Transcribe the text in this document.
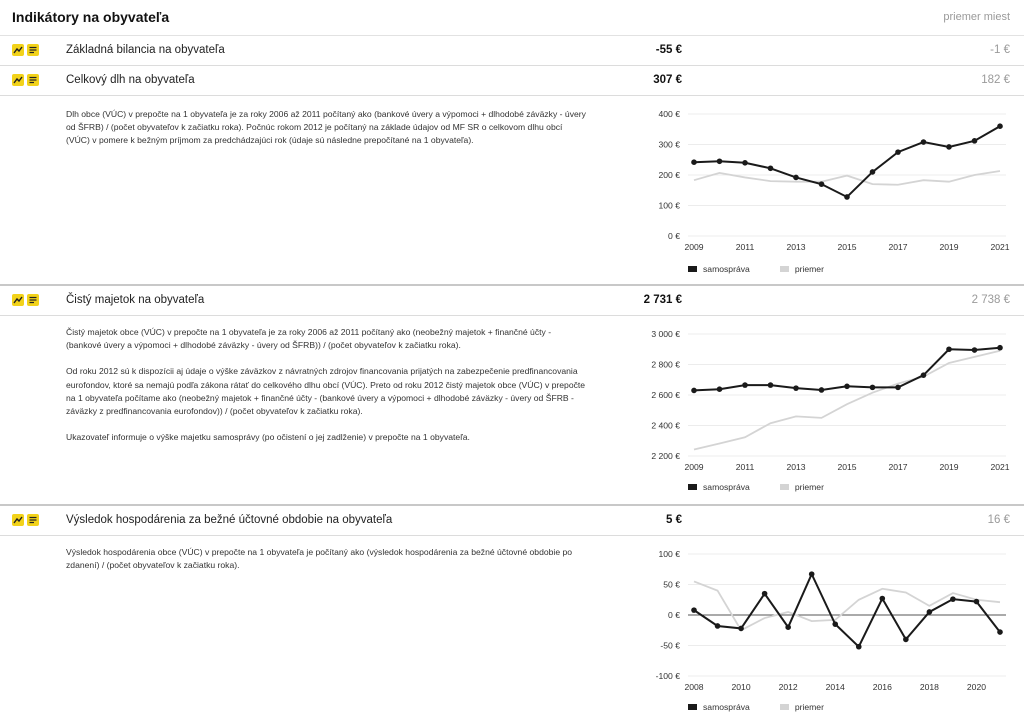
Indikátory na obyvateľa	priemer miest
Základná bilancia na obyvateľa	-55 €	-1 €
Celkový dlh na obyvateľa	307 €	182 €

Dlh obce (VÚC) v prepočte na 1 obyvateľa je za roky 2006 až 2011 počítaný ako (bankové úvery a výpomoci + dlhodobé záväzky - úvery od ŠFRB) / (počet obyvateľov k začiatku roka). Počnúc rokom 2012 je počítaný na základe údajov od MF SR o celkovom dlhu obcí (VÚC) v pomere k bežným príjmom za predchádzajúci rok (údaje sú následne prepočítané na 1 obyvateľa).

0 €
100 €
200 €
300 €
400 €
2009	2011	2013	2015	2017	2019	2021
samospráva	priemer
Čistý majetok na obyvateľa	2 731 €	2 738 €

Čistý majetok obce (VÚC) v prepočte na 1 obyvateľa je za roky 2006 až 2011 počítaný ako (neobežný majetok + finančné účty - (bankové úvery a výpomoci + dlhodobé záväzky - úvery od ŠFRB)) / (počet obyvateľov k začiatku roka).

Od roku 2012 sú k dispozícii aj údaje o výške záväzkov z návratných zdrojov financovania prijatých na zabezpečenie predfinancovania eurofondov, ktoré sa nemajú podľa zákona rátať do celkového dlhu obcí (VÚC). Preto od roku 2012 čistý majetok obce (VÚC) v prepočte na 1 obyvateľa počítame ako (neobežný majetok + finančné účty - (bankové úvery a výpomoci + dlhodobé záväzky - úvery od ŠFRB - záväzky z predfinancovania eurofondov)) / (počet obyvateľov k začiatku roka).

Ukazovateľ informuje o výške majetku samosprávy (po očistení o jej zadlženie) v prepočte na 1 obyvateľa.

2 200 €
2 400 €
2 600 €
2 800 €
3 000 €
2009	2011	2013	2015	2017	2019	2021
samospráva	priemer
Výsledok hospodárenia za bežné účtovné obdobie na obyvateľa	5 €	16 €

Výsledok hospodárenia obce (VÚC) v prepočte na 1 obyvateľa je počítaný ako (výsledok hospodárenia za bežné účtovné obdobie po zdanení) / (počet obyvateľov k začiatku roka).

-100 €
-50 €
0 €
50 €
100 €
2008	2010	2012	2014	2016	2018	2020
samospráva	priemer
